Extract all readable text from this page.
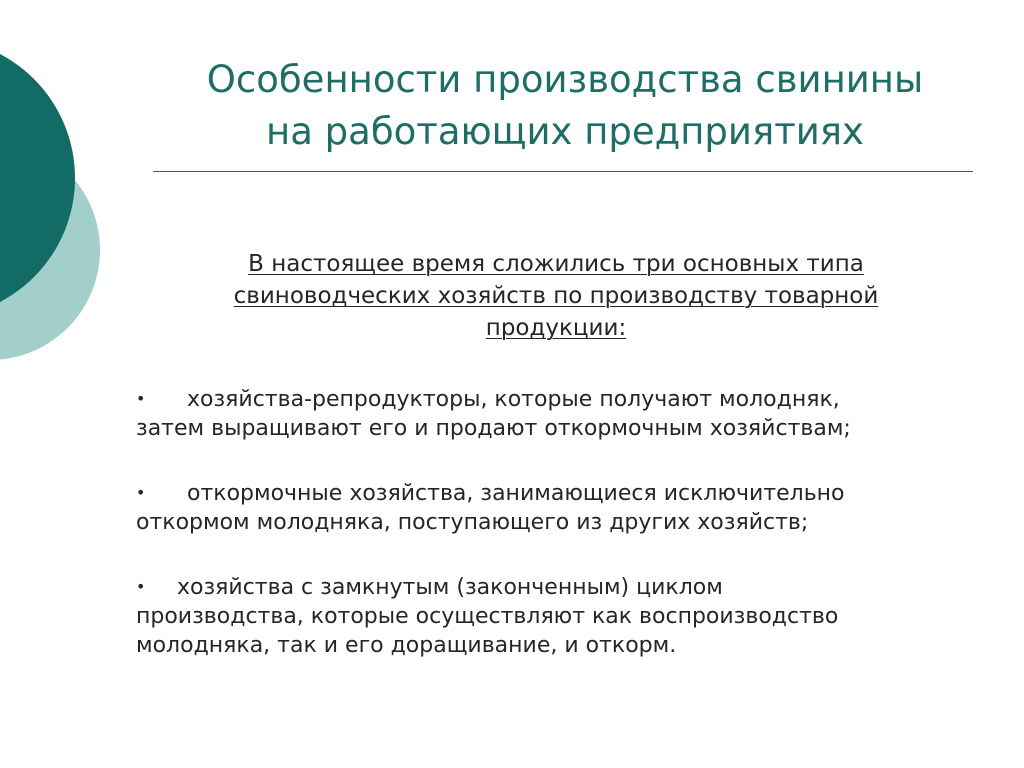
Особенности производства свинины
на работающих предприятиях
В настоящее время сложились три основных типа
свиноводческих хозяйств по производству товарной
продукции:
• хозяйства-репродукторы, которые получают молодняк,
затем выращивают его и продают откормочным хозяйствам;
• откормочные хозяйства, занимающиеся исключительно
откормом молодняка, поступающего из других хозяйств;
• хозяйства с замкнутым (законченным) циклом
производства, которые осуществляют как воспроизводство
молодняка, так и его доращивание, и откорм.
